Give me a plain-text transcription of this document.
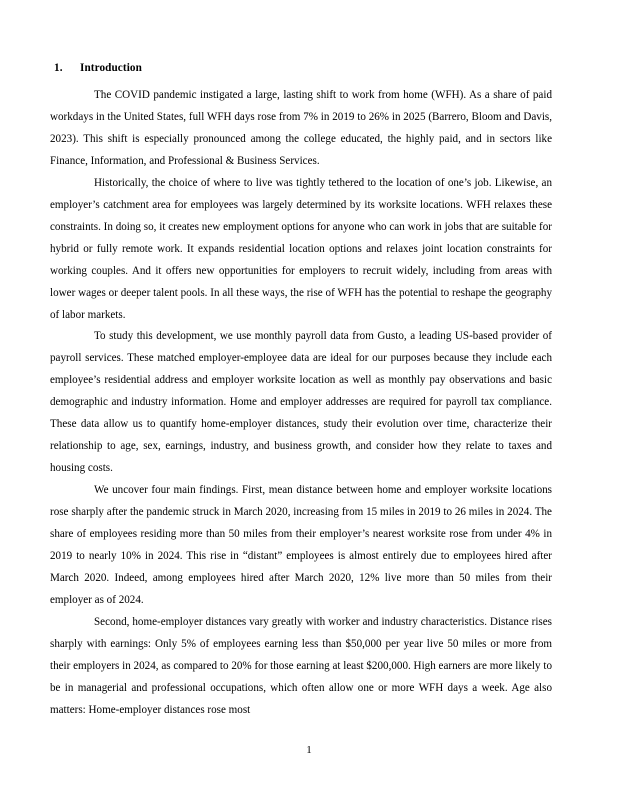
1. Introduction

The COVID pandemic instigated a large, lasting shift to work from home (WFH). As a share of paid workdays in the United States, full WFH days rose from 7% in 2019 to 26% in 2025 (Barrero, Bloom and Davis, 2023). This shift is especially pronounced among the college educated, the highly paid, and in sectors like Finance, Information, and Professional & Business Services.

Historically, the choice of where to live was tightly tethered to the location of one’s job. Likewise, an employer’s catchment area for employees was largely determined by its worksite locations. WFH relaxes these constraints. In doing so, it creates new employment options for anyone who can work in jobs that are suitable for hybrid or fully remote work. It expands residential location options and relaxes joint location constraints for working couples. And it offers new opportunities for employers to recruit widely, including from areas with lower wages or deeper talent pools. In all these ways, the rise of WFH has the potential to reshape the geography of labor markets.

To study this development, we use monthly payroll data from Gusto, a leading US-based provider of payroll services. These matched employer-employee data are ideal for our purposes because they include each employee’s residential address and employer worksite location as well as monthly pay observations and basic demographic and industry information. Home and employer addresses are required for payroll tax compliance. These data allow us to quantify home-employer distances, study their evolution over time, characterize their relationship to age, sex, earnings, industry, and business growth, and consider how they relate to taxes and housing costs.

We uncover four main findings. First, mean distance between home and employer worksite locations rose sharply after the pandemic struck in March 2020, increasing from 15 miles in 2019 to 26 miles in 2024. The share of employees residing more than 50 miles from their employer’s nearest worksite rose from under 4% in 2019 to nearly 10% in 2024. This rise in “distant” employees is almost entirely due to employees hired after March 2020. Indeed, among employees hired after March 2020, 12% live more than 50 miles from their employer as of 2024.

Second, home-employer distances vary greatly with worker and industry characteristics. Distance rises sharply with earnings: Only 5% of employees earning less than $50,000 per year live 50 miles or more from their employers in 2024, as compared to 20% for those earning at least $200,000. High earners are more likely to be in managerial and professional occupations, which often allow one or more WFH days a week. Age also matters: Home-employer distances rose most

1
